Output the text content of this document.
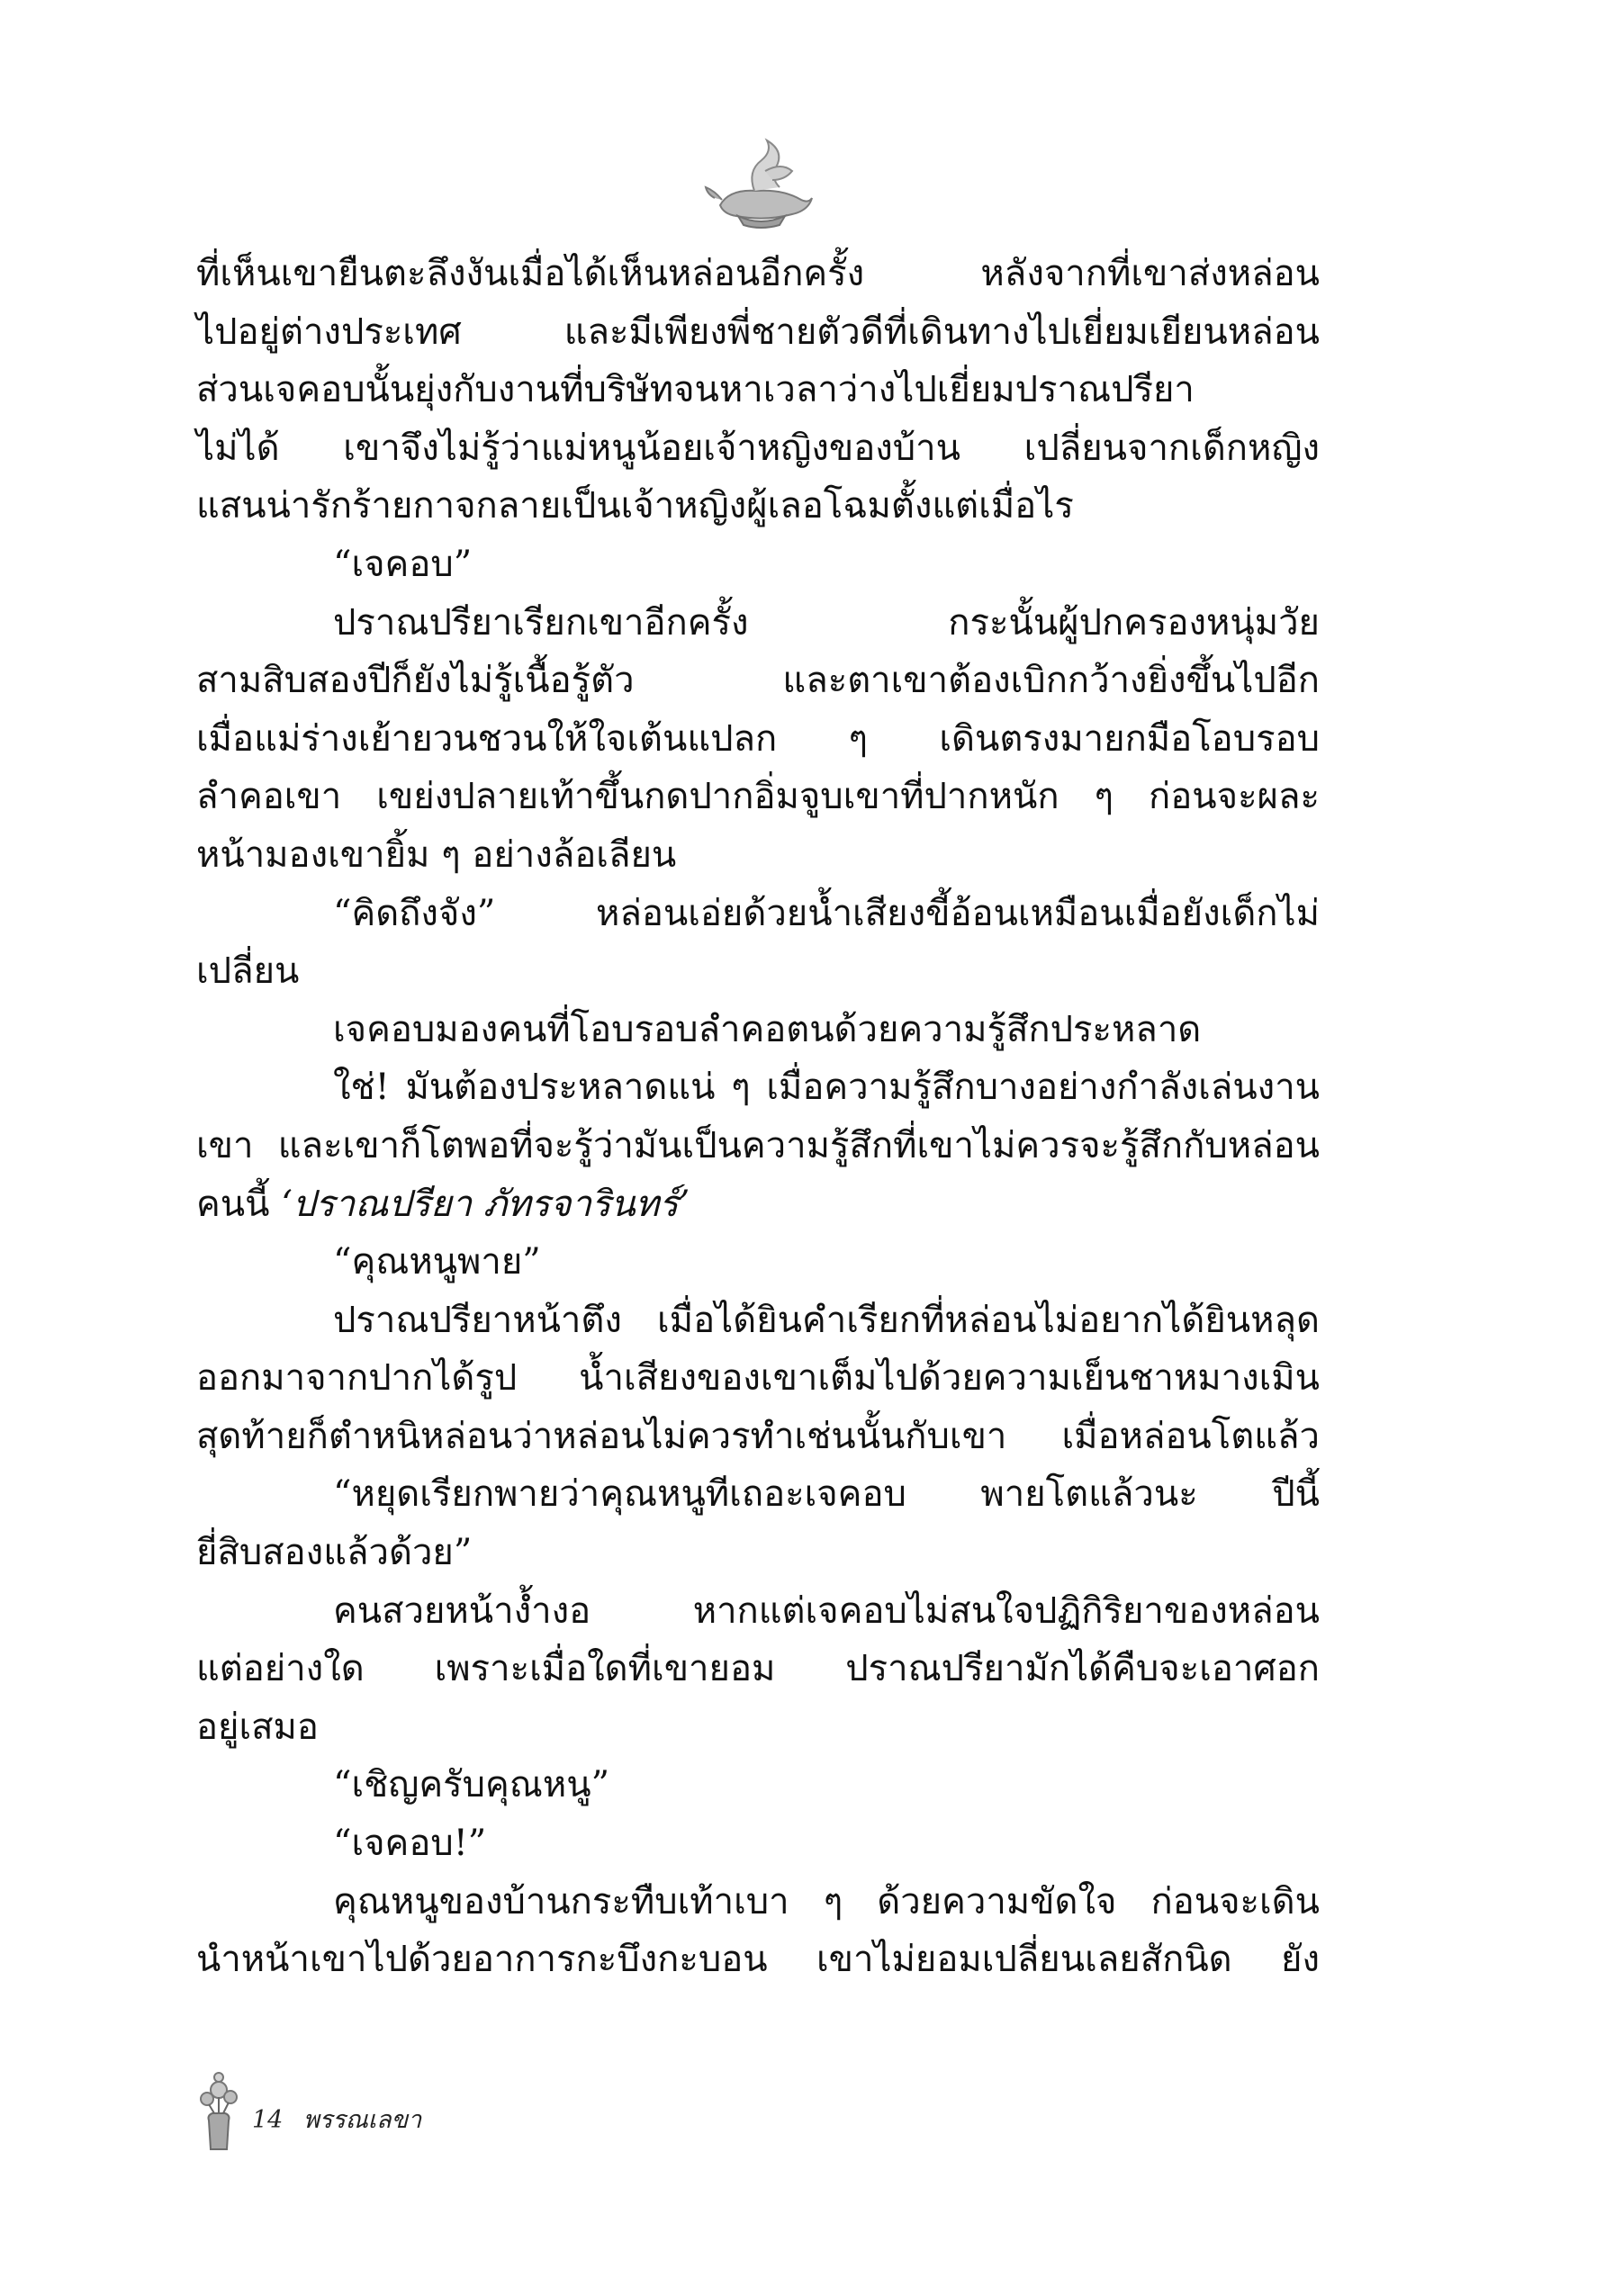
ที่เห็นเขายืนตะลึงงันเมื่อได้เห็นหล่อนอีกครั้ง หลังจากที่เขาส่งหล่อน
ไปอยู่ต่างประเทศ และมีเพียงพี่ชายตัวดีที่เดินทางไปเยี่ยมเยียนหล่อน
ส่วนเจคอบนั้นยุ่งกับงานที่บริษัทจนหาเวลาว่างไปเยี่ยมปราณปรียา
ไม่ได้ เขาจึงไม่รู้ว่าแม่หนูน้อยเจ้าหญิงของบ้าน เปลี่ยนจากเด็กหญิง
แสนน่ารักร้ายกาจกลายเป็นเจ้าหญิงผู้เลอโฉมตั้งแต่เมื่อไร
“เจคอบ”
ปราณปรียาเรียกเขาอีกครั้ง กระนั้นผู้ปกครองหนุ่มวัย
สามสิบสองปีก็ยังไม่รู้เนื้อรู้ตัว และตาเขาต้องเบิกกว้างยิ่งขึ้นไปอีก
เมื่อแม่ร่างเย้ายวนชวนให้ใจเต้นแปลก ๆ เดินตรงมายกมือโอบรอบ
ลำคอเขา เขย่งปลายเท้าขึ้นกดปากอิ่มจูบเขาที่ปากหนัก ๆ ก่อนจะผละ
หน้ามองเขายิ้ม ๆ อย่างล้อเลียน
“คิดถึงจัง” หล่อนเอ่ยด้วยน้ำเสียงขี้อ้อนเหมือนเมื่อยังเด็กไม่
เปลี่ยน
เจคอบมองคนที่โอบรอบลำคอตนด้วยความรู้สึกประหลาด
ใช่! มันต้องประหลาดแน่ ๆ เมื่อความรู้สึกบางอย่างกำลังเล่นงาน
เขา และเขาก็โตพอที่จะรู้ว่ามันเป็นความรู้สึกที่เขาไม่ควรจะรู้สึกกับหล่อน
คนนี้ ‘ปราณปรียา ภัทรจารินทร์’
“คุณหนูพาย”
ปราณปรียาหน้าตึง เมื่อได้ยินคำเรียกที่หล่อนไม่อยากได้ยินหลุด
ออกมาจากปากได้รูป น้ำเสียงของเขาเต็มไปด้วยความเย็นชาหมางเมิน
สุดท้ายก็ตำหนิหล่อนว่าหล่อนไม่ควรทำเช่นนั้นกับเขา เมื่อหล่อนโตแล้ว
“หยุดเรียกพายว่าคุณหนูทีเถอะเจคอบ พายโตแล้วนะ ปีนี้
ยี่สิบสองแล้วด้วย”
คนสวยหน้างํ้างอ หากแต่เจคอบไม่สนใจปฏิกิริยาของหล่อน
แต่อย่างใด เพราะเมื่อใดที่เขายอม ปราณปรียามักได้คืบจะเอาศอก
อยู่เสมอ
“เชิญครับคุณหนู”
“เจคอบ!”
คุณหนูของบ้านกระทืบเท้าเบา ๆ ด้วยความขัดใจ ก่อนจะเดิน
นำหน้าเขาไปด้วยอาการกะบึงกะบอน เขาไม่ยอมเปลี่ยนเลยสักนิด ยัง
14 พรรณเลขา
